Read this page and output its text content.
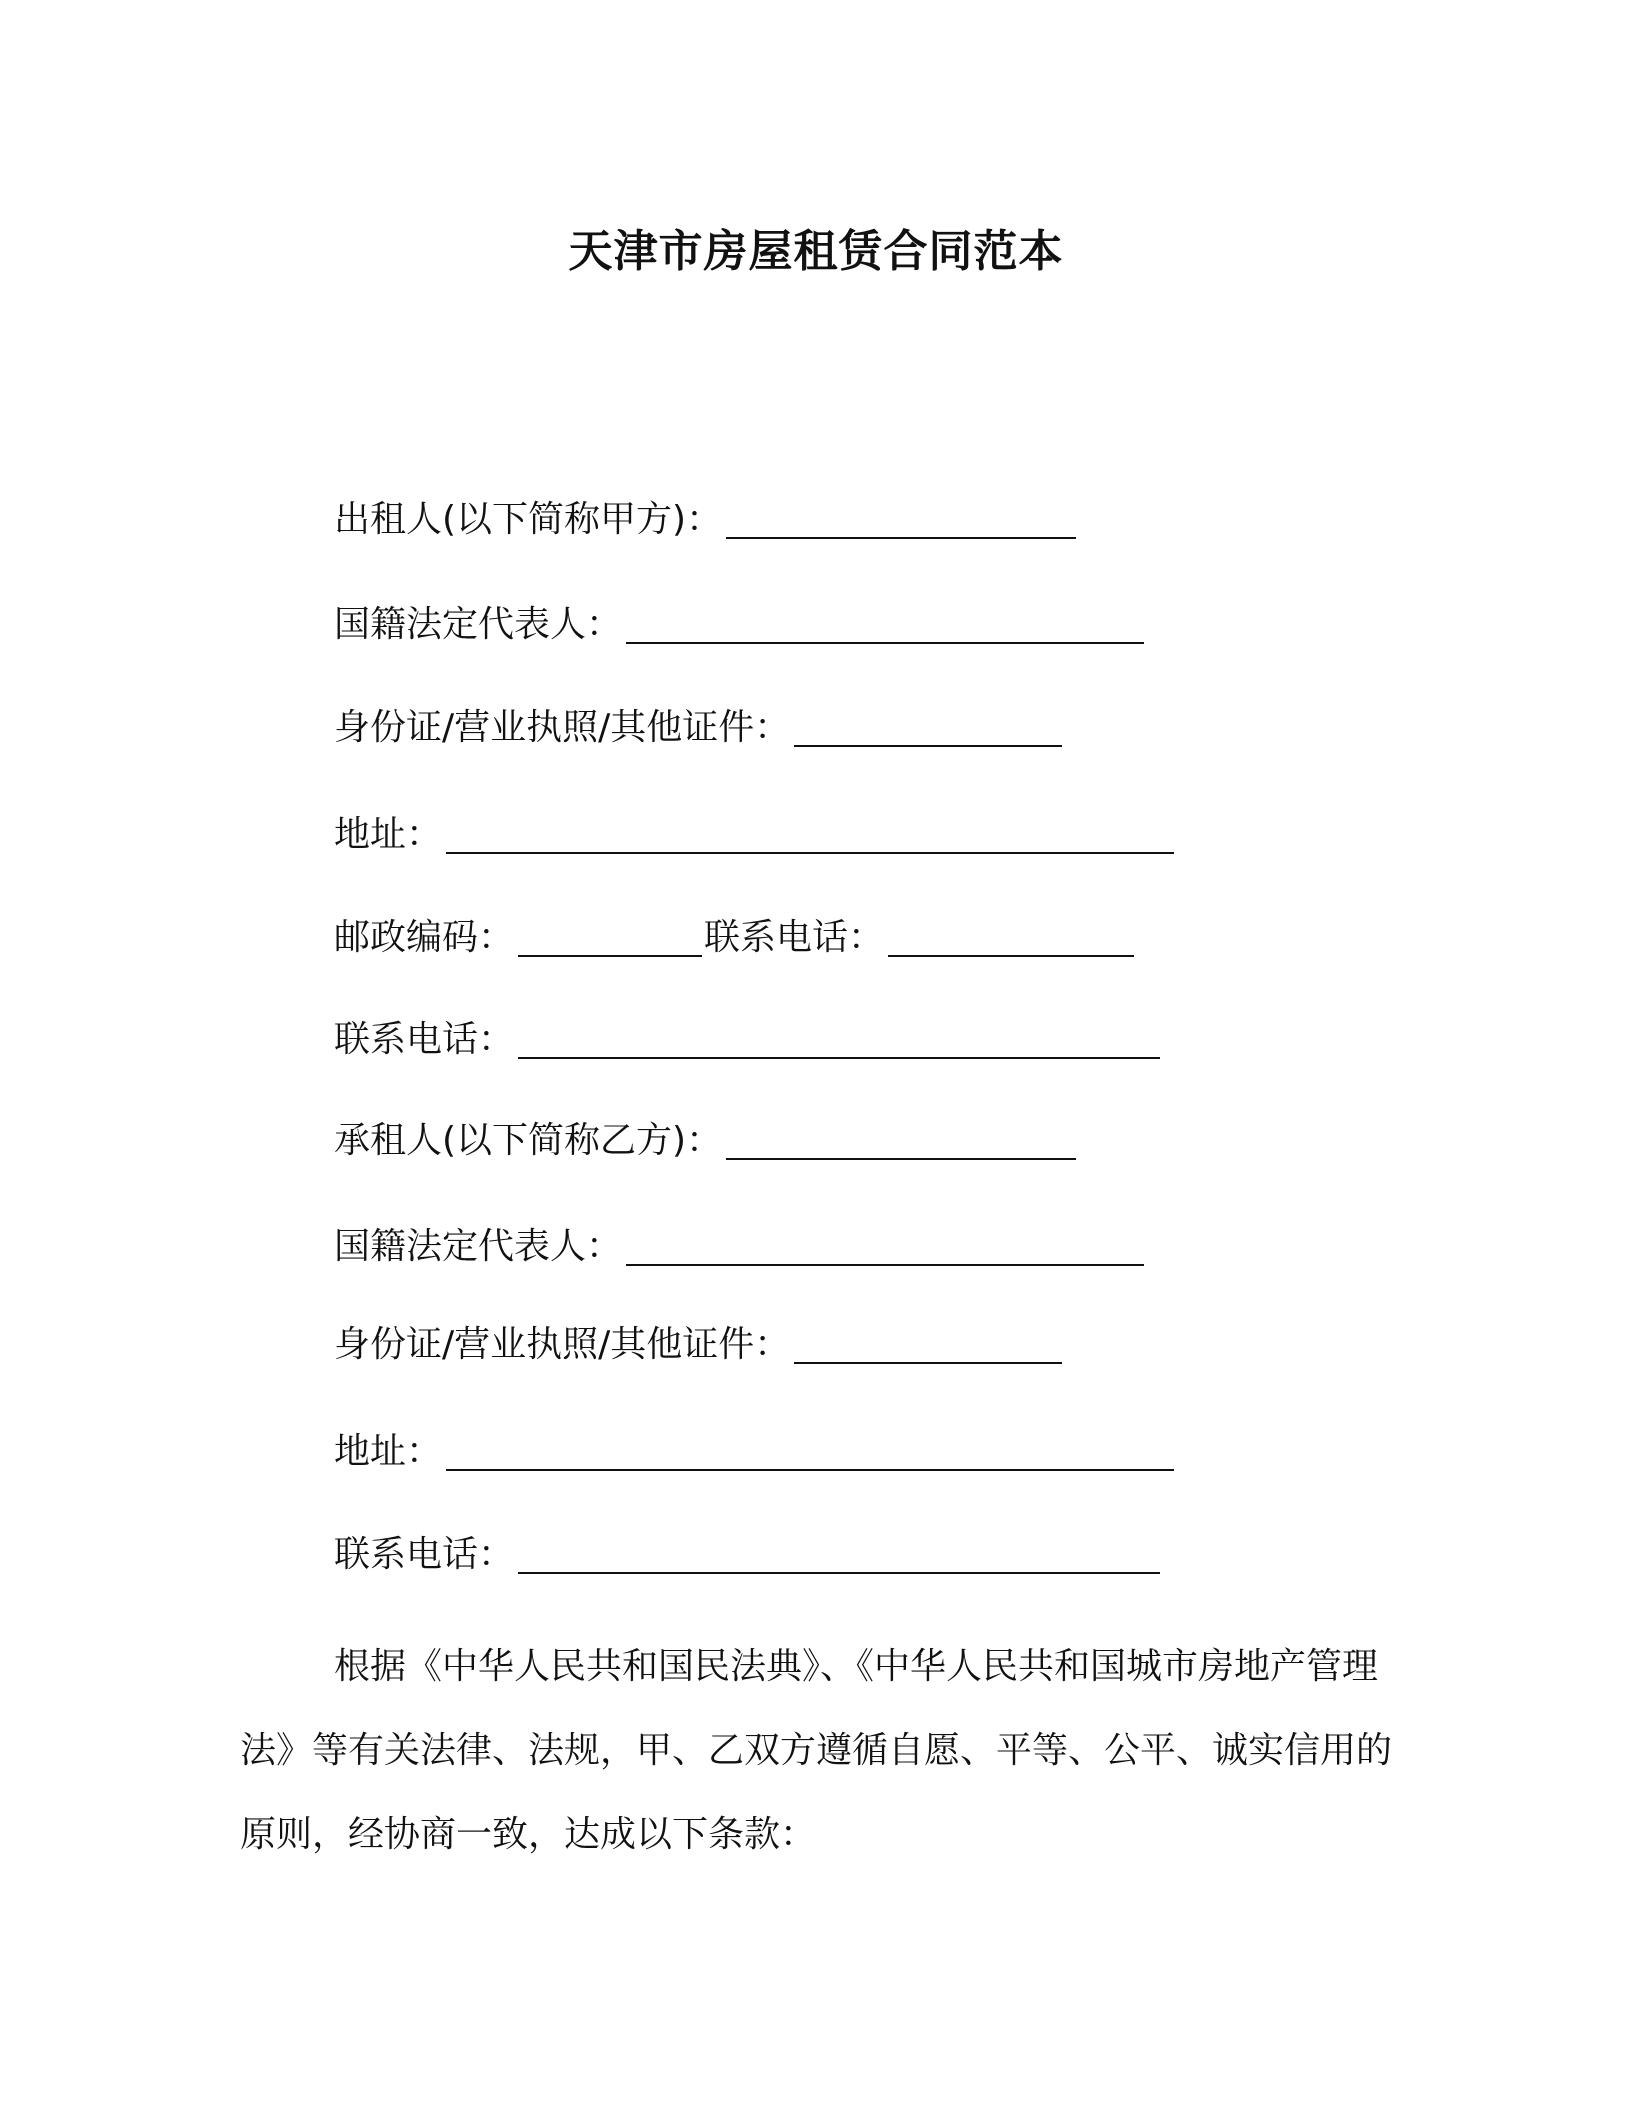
天津市房屋租赁合同范本
出租人(以下简称甲方)：
国籍法定代表人：
身份证/营业执照/其他证件：
地址：
邮政编码：	联系电话：
联系电话：
承租人(以下简称乙方)：
国籍法定代表人：
身份证/营业执照/其他证件：
地址：
联系电话：
根据《中华人民共和国民法典》、《中华人民共和国城市房地产管理法》等有关法律、法规，甲、乙双方遵循自愿、平等、公平、诚实信用的原则，经协商一致，达成以下条款：
